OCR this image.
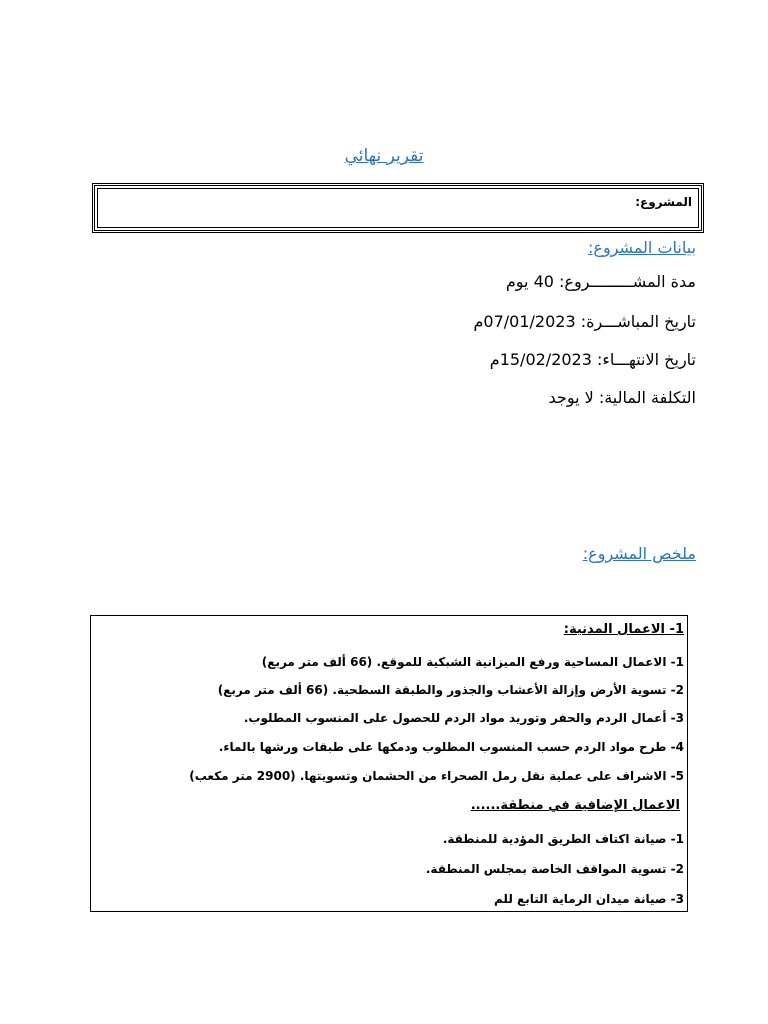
تقرير نهائي
المشروع:
بيانات المشروع:
مدة المشـــــــــروع: 40 يوم
تاريخ المباشـــرة: 07/01/2023م
تاريخ الانتهـــاء: 15/02/2023م
التكلفة المالية: لا يوجد
ملخص المشروع:
1- الاعمال المدنية:
1- الاعمال المساحية ورفع الميزانية الشبكية للموقع. (66 ألف متر مربع)
2- تسوية الأرض وإزالة الأعشاب والجذور والطبقة السطحية. (66 ألف متر مربع)
3- أعمال الردم والحفر وتوريد مواد الردم للحصول على المنسوب المطلوب.
4- طرح مواد الردم حسب المنسوب المطلوب ودمكها على طبقات ورشها بالماء.
5- الاشراف على عملية نقل رمل الصحراء من الحشمان وتسويتها. (2900 متر مكعب)
الاعمال الإضافية في منطقة......
1- صيانة اكتاف الطريق المؤدية للمنطقة.
2- تسوية المواقف الخاصة بمجلس المنطقة.
3- صيانة ميدان الرماية التابع للم
